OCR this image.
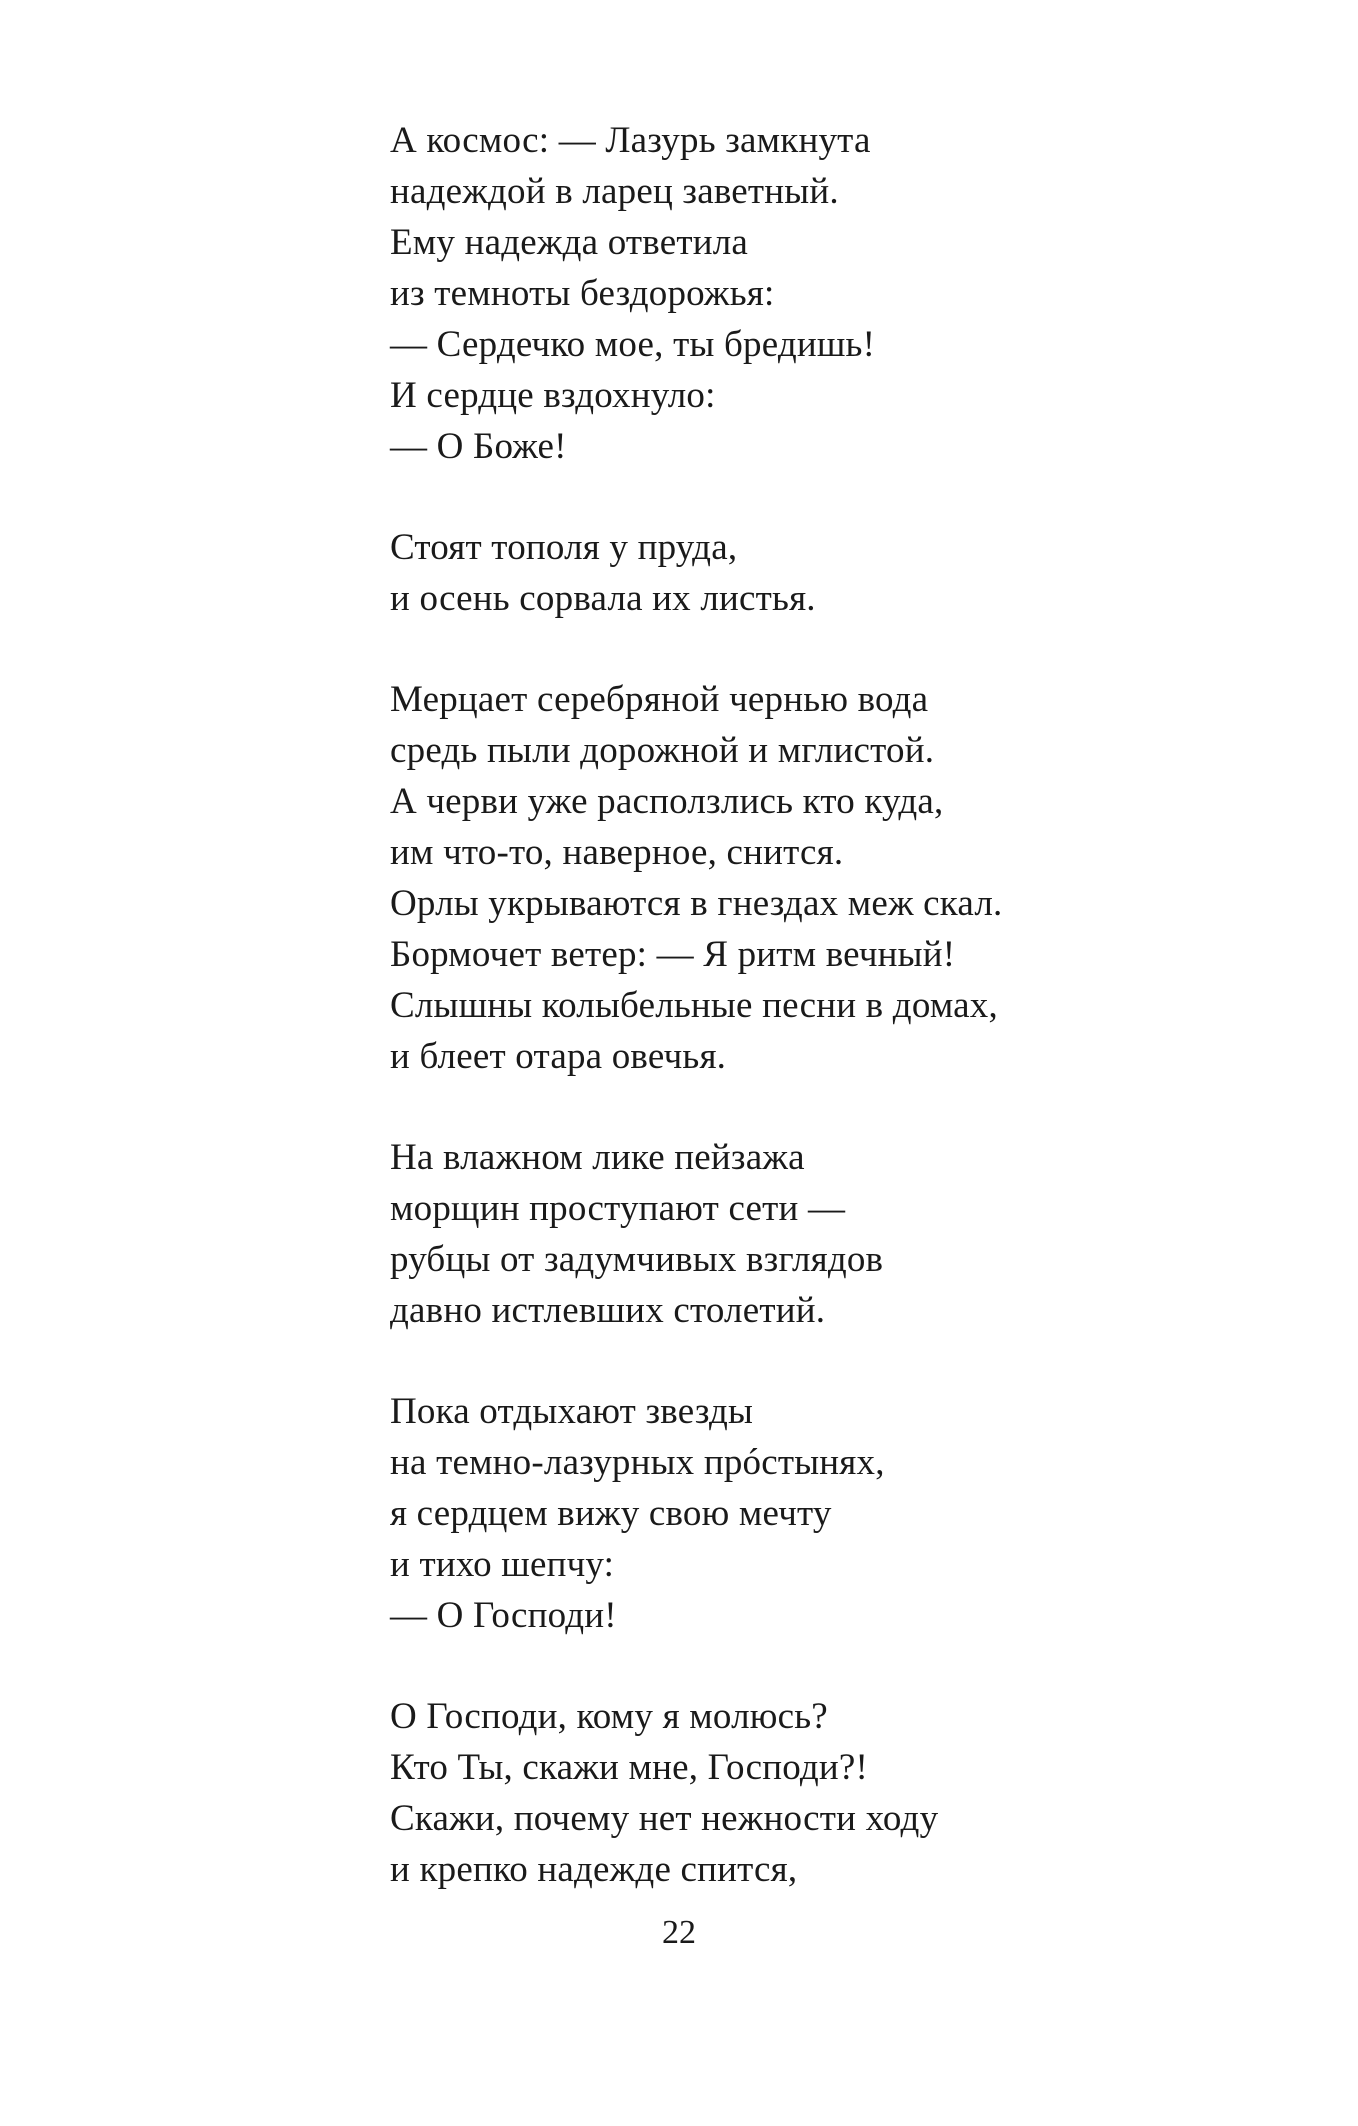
А космос: — Лазурь замкнута
надеждой в ларец заветный.
Ему надежда ответила
из темноты бездорожья:
— Сердечко мое, ты бредишь!
И сердце вздохнуло:
— О Боже!
Стоят тополя у пруда,
и осень сорвала их листья.
Мерцает серебряной чернью вода
средь пыли дорожной и мглистой.
А черви уже расползлись кто куда,
им что-то, наверное, снится.
Орлы укрываются в гнездах меж скал.
Бормочет ветер: — Я ритм вечный!
Слышны колыбельные песни в домах,
и блеет отара овечья.
На влажном лике пейзажа
морщин проступают сети —
рубцы от задумчивых взглядов
давно истлевших столетий.
Пока отдыхают звезды
на темно-лазурных прóстынях,
я сердцем вижу свою мечту
и тихо шепчу:
— О Господи!
О Господи, кому я молюсь?
Кто Ты, скажи мне, Господи?!
Скажи, почему нет нежности ходу
и крепко надежде спится,
22
